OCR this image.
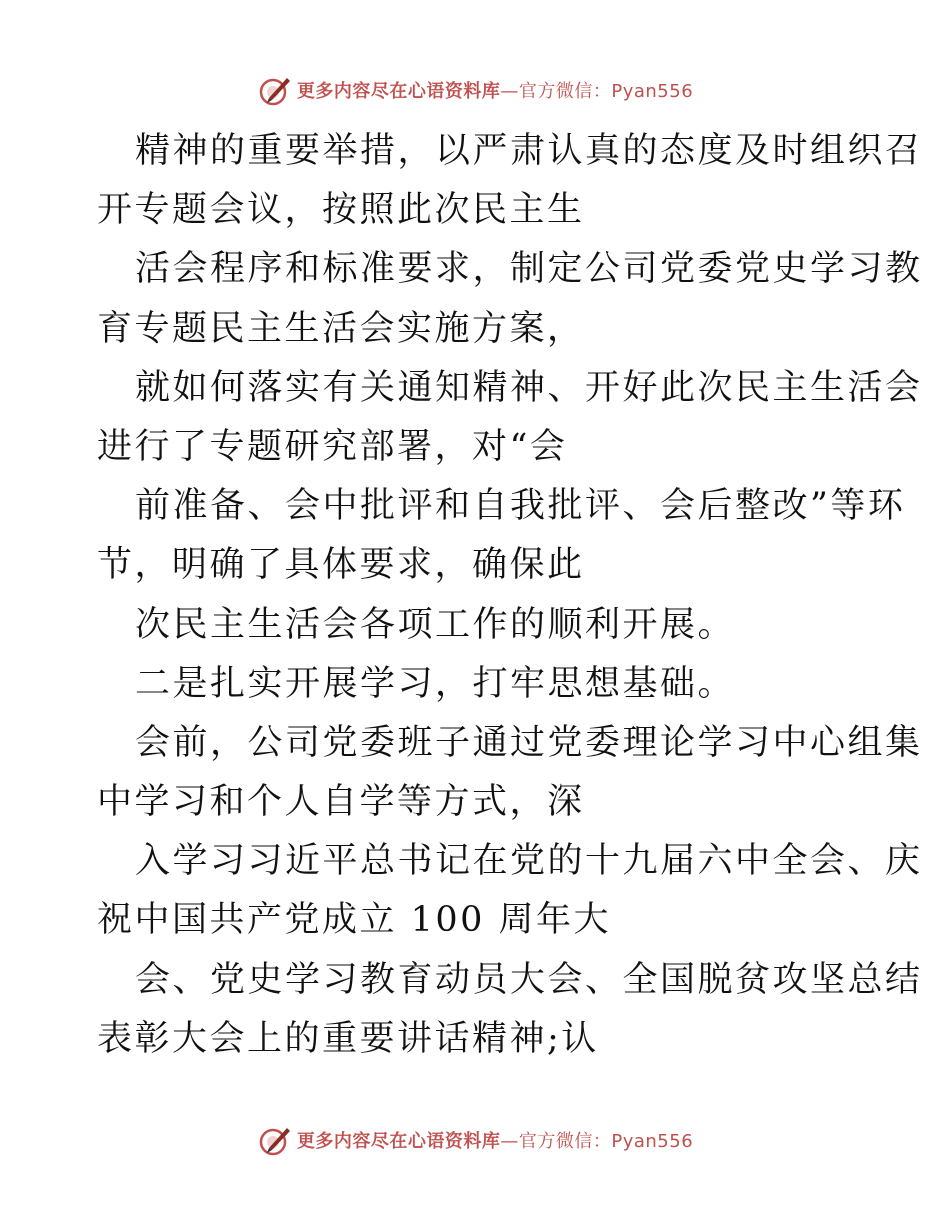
更多内容尽在心语资料库—官方微信：Pyan556
精神的重要举措，以严肃认真的态度及时组织召
开专题会议，按照此次民主生
活会程序和标准要求，制定公司党委党史学习教
育专题民主生活会实施方案，
就如何落实有关通知精神、开好此次民主生活会
进行了专题研究部署，对“会
前准备、会中批评和自我批评、会后整改”等环
节，明确了具体要求，确保此
次民主生活会各项工作的顺利开展。
二是扎实开展学习，打牢思想基础。
会前，公司党委班子通过党委理论学习中心组集
中学习和个人自学等方式，深
入学习习近平总书记在党的十九届六中全会、庆
祝中国共产党成立 100 周年大
会、党史学习教育动员大会、全国脱贫攻坚总结
表彰大会上的重要讲话精神;认
更多内容尽在心语资料库—官方微信：Pyan556
